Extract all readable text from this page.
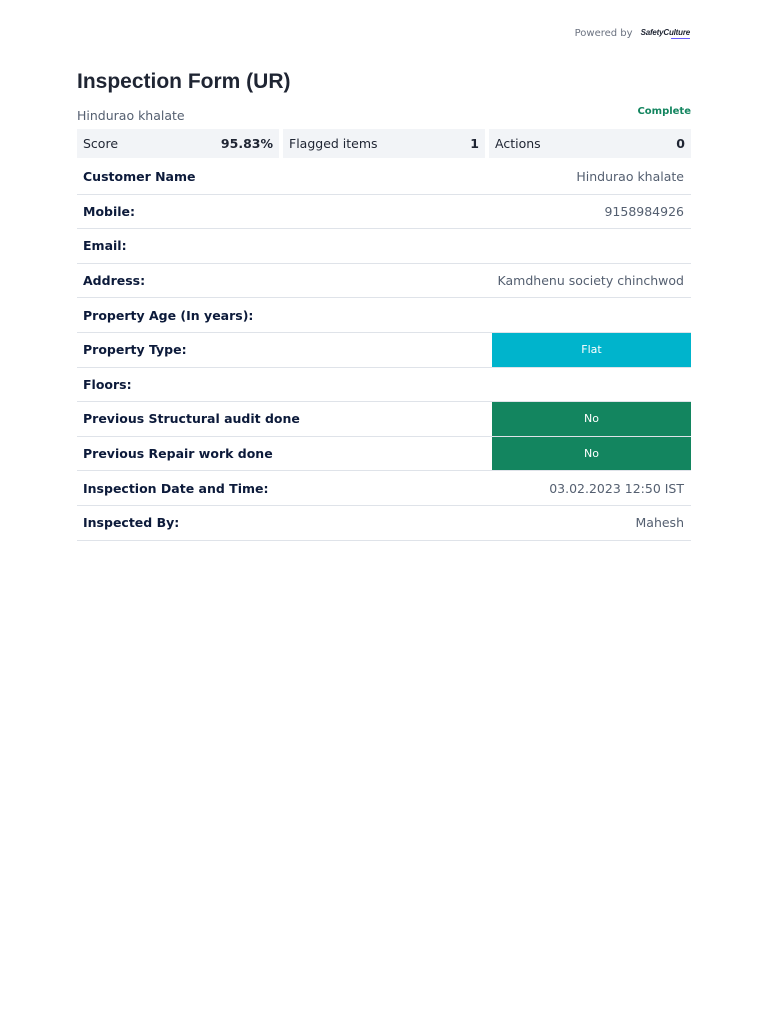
Powered by SafetyCulture
Inspection Form (UR)
Hindurao khalate	Complete
Score	95.83% Flagged items	1 Actions	0
Customer Name	Hindurao khalate
Mobile:	9158984926
Email:
Address:	Kamdhenu society chinchwod
Property Age (In years):
Property Type:	Flat
Floors:
Previous Structural audit done	No
Previous Repair work done	No
Inspection Date and Time:	03.02.2023 12:50 IST
Inspected By:	Mahesh
